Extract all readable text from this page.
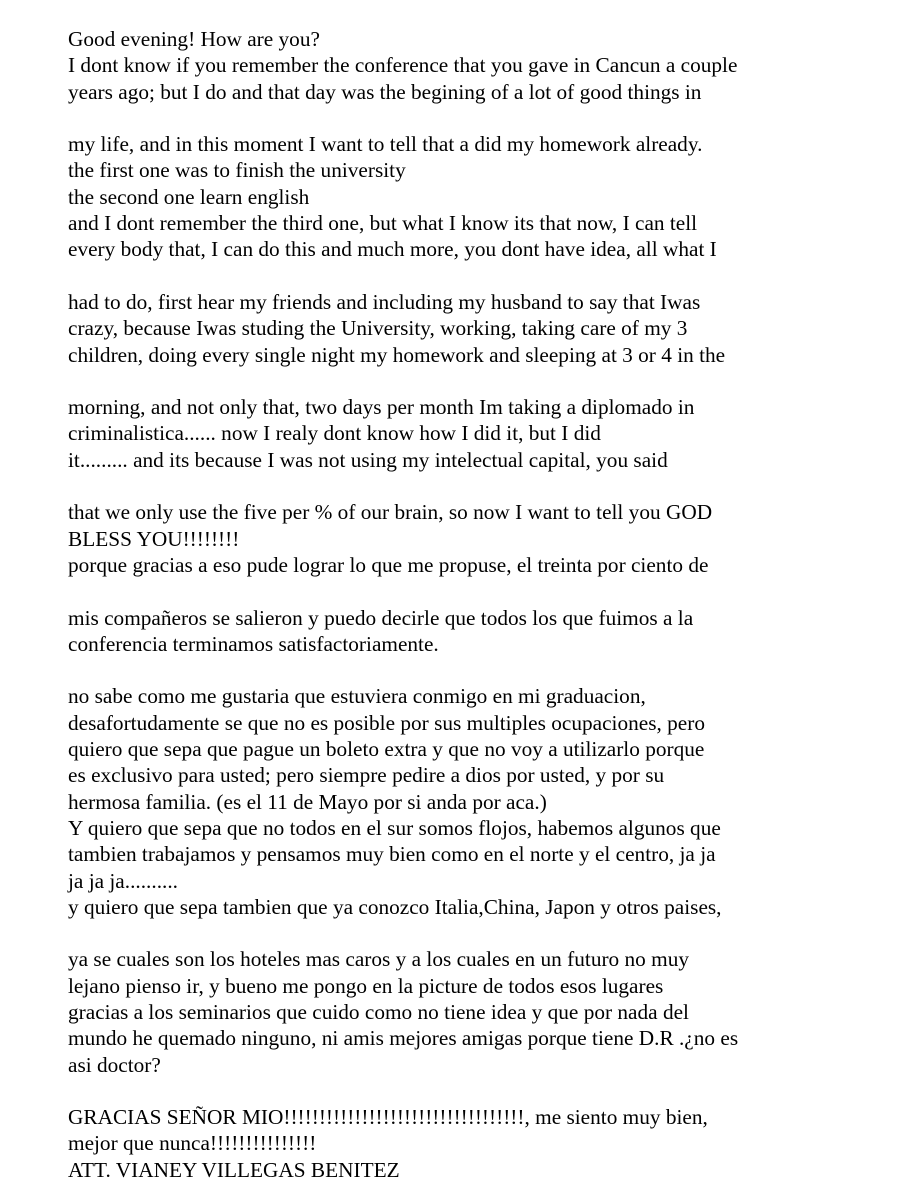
Good evening! How are you?
I dont know if you remember the conference that you gave in Cancun a couple
years ago; but I do and that day was the begining of a lot of good things in
my life, and in this moment I want to tell that a did my homework already.
the first one was to finish the university
the second one learn english
and I dont remember the third one, but what I know its that now, I can tell
every body that, I can do this and much more, you dont have idea, all what I
had to do, first hear my friends and including my husband to say that Iwas
crazy, because Iwas studing the University, working, taking care of my 3
children, doing every single night my homework and sleeping at 3 or 4 in the
morning, and not only that, two days per month Im taking a diplomado in
criminalistica...... now I realy dont know how I did it, but I did
it......... and its because I was not using my intelectual capital, you said
that we only use the five per % of our brain, so now I want to tell you GOD
BLESS YOU!!!!!!!!
porque gracias a eso pude lograr lo que me propuse, el treinta por ciento de
mis compañeros se salieron y puedo decirle que todos los que fuimos a la
conferencia terminamos satisfactoriamente.
no sabe como me gustaria que estuviera conmigo en mi graduacion,
desafortudamente se que no es posible por sus multiples ocupaciones, pero
quiero que sepa que pague un boleto extra y que no voy a utilizarlo porque
es exclusivo para usted; pero siempre pedire a dios por usted, y por su
hermosa familia. (es el 11 de Mayo por si anda por aca.)
Y quiero que sepa que no todos en el sur somos flojos, habemos algunos que
tambien trabajamos y pensamos muy bien como en el norte y el centro, ja ja
ja ja ja..........
y quiero que sepa tambien que ya conozco Italia,China, Japon y otros paises,
ya se cuales son los hoteles mas caros y a los cuales en un futuro no muy
lejano pienso ir, y bueno me pongo en la picture de todos esos lugares
gracias a los seminarios que cuido como no tiene idea y que por nada del
mundo he quemado ninguno, ni amis mejores amigas porque tiene D.R .¿no es
asi doctor?
GRACIAS SEÑOR MIO!!!!!!!!!!!!!!!!!!!!!!!!!!!!!!!!!!, me siento muy bien,
mejor que nunca!!!!!!!!!!!!!!!
ATT. VIANEY VILLEGAS BENITEZ
